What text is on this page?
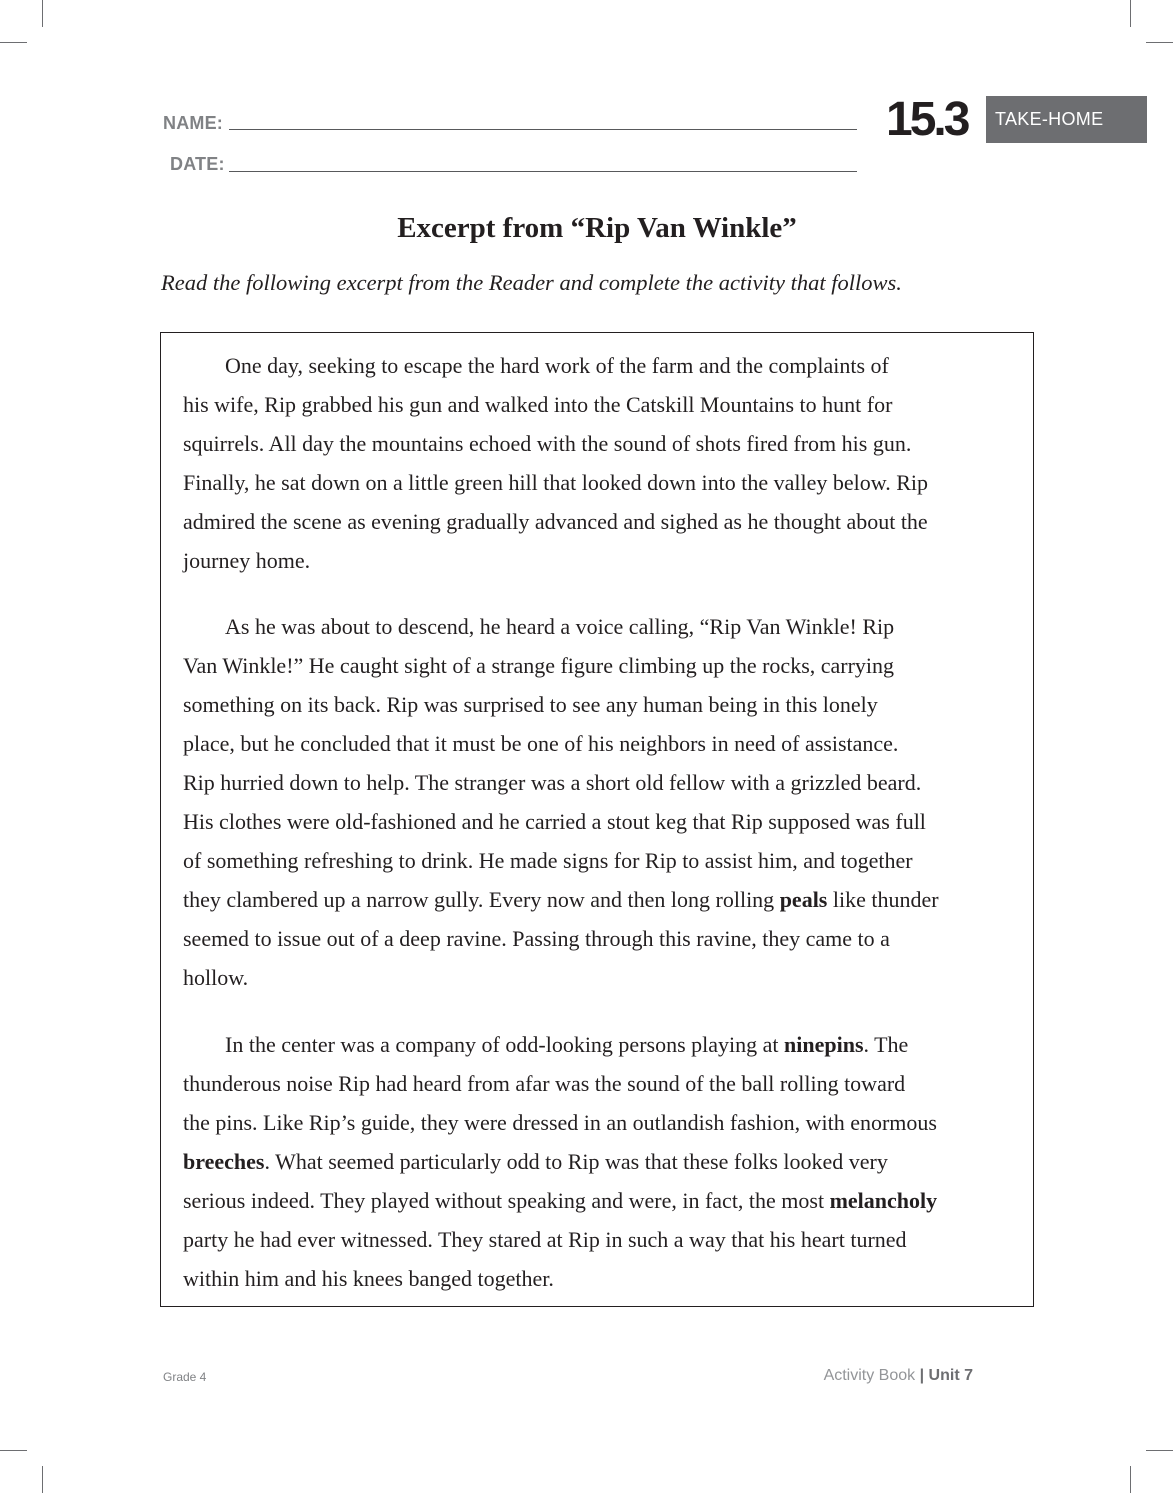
NAME:
DATE:
15.3	TAKE-HOME
Excerpt from “Rip Van Winkle”
Read the following excerpt from the Reader and complete the activity that follows.

One day, seeking to escape the hard work of the farm and the complaints of
his wife, Rip grabbed his gun and walked into the Catskill Mountains to hunt for
squirrels. All day the mountains echoed with the sound of shots fired from his gun.
Finally, he sat down on a little green hill that looked down into the valley below. Rip
admired the scene as evening gradually advanced and sighed as he thought about the
journey home.

As he was about to descend, he heard a voice calling, “Rip Van Winkle! Rip
Van Winkle!” He caught sight of a strange figure climbing up the rocks, carrying
something on its back. Rip was surprised to see any human being in this lonely
place, but he concluded that it must be one of his neighbors in need of assistance.
Rip hurried down to help. The stranger was a short old fellow with a grizzled beard.
His clothes were old-fashioned and he carried a stout keg that Rip supposed was full
of something refreshing to drink. He made signs for Rip to assist him, and together
they clambered up a narrow gully. Every now and then long rolling peals like thunder
seemed to issue out of a deep ravine. Passing through this ravine, they came to a
hollow.

In the center was a company of odd-looking persons playing at ninepins. The
thunderous noise Rip had heard from afar was the sound of the ball rolling toward
the pins. Like Rip’s guide, they were dressed in an outlandish fashion, with enormous
breeches. What seemed particularly odd to Rip was that these folks looked very
serious indeed. They played without speaking and were, in fact, the most melancholy
party he had ever witnessed. They stared at Rip in such a way that his heart turned
within him and his knees banged together.

Grade 4	Activity Book | Unit 7
